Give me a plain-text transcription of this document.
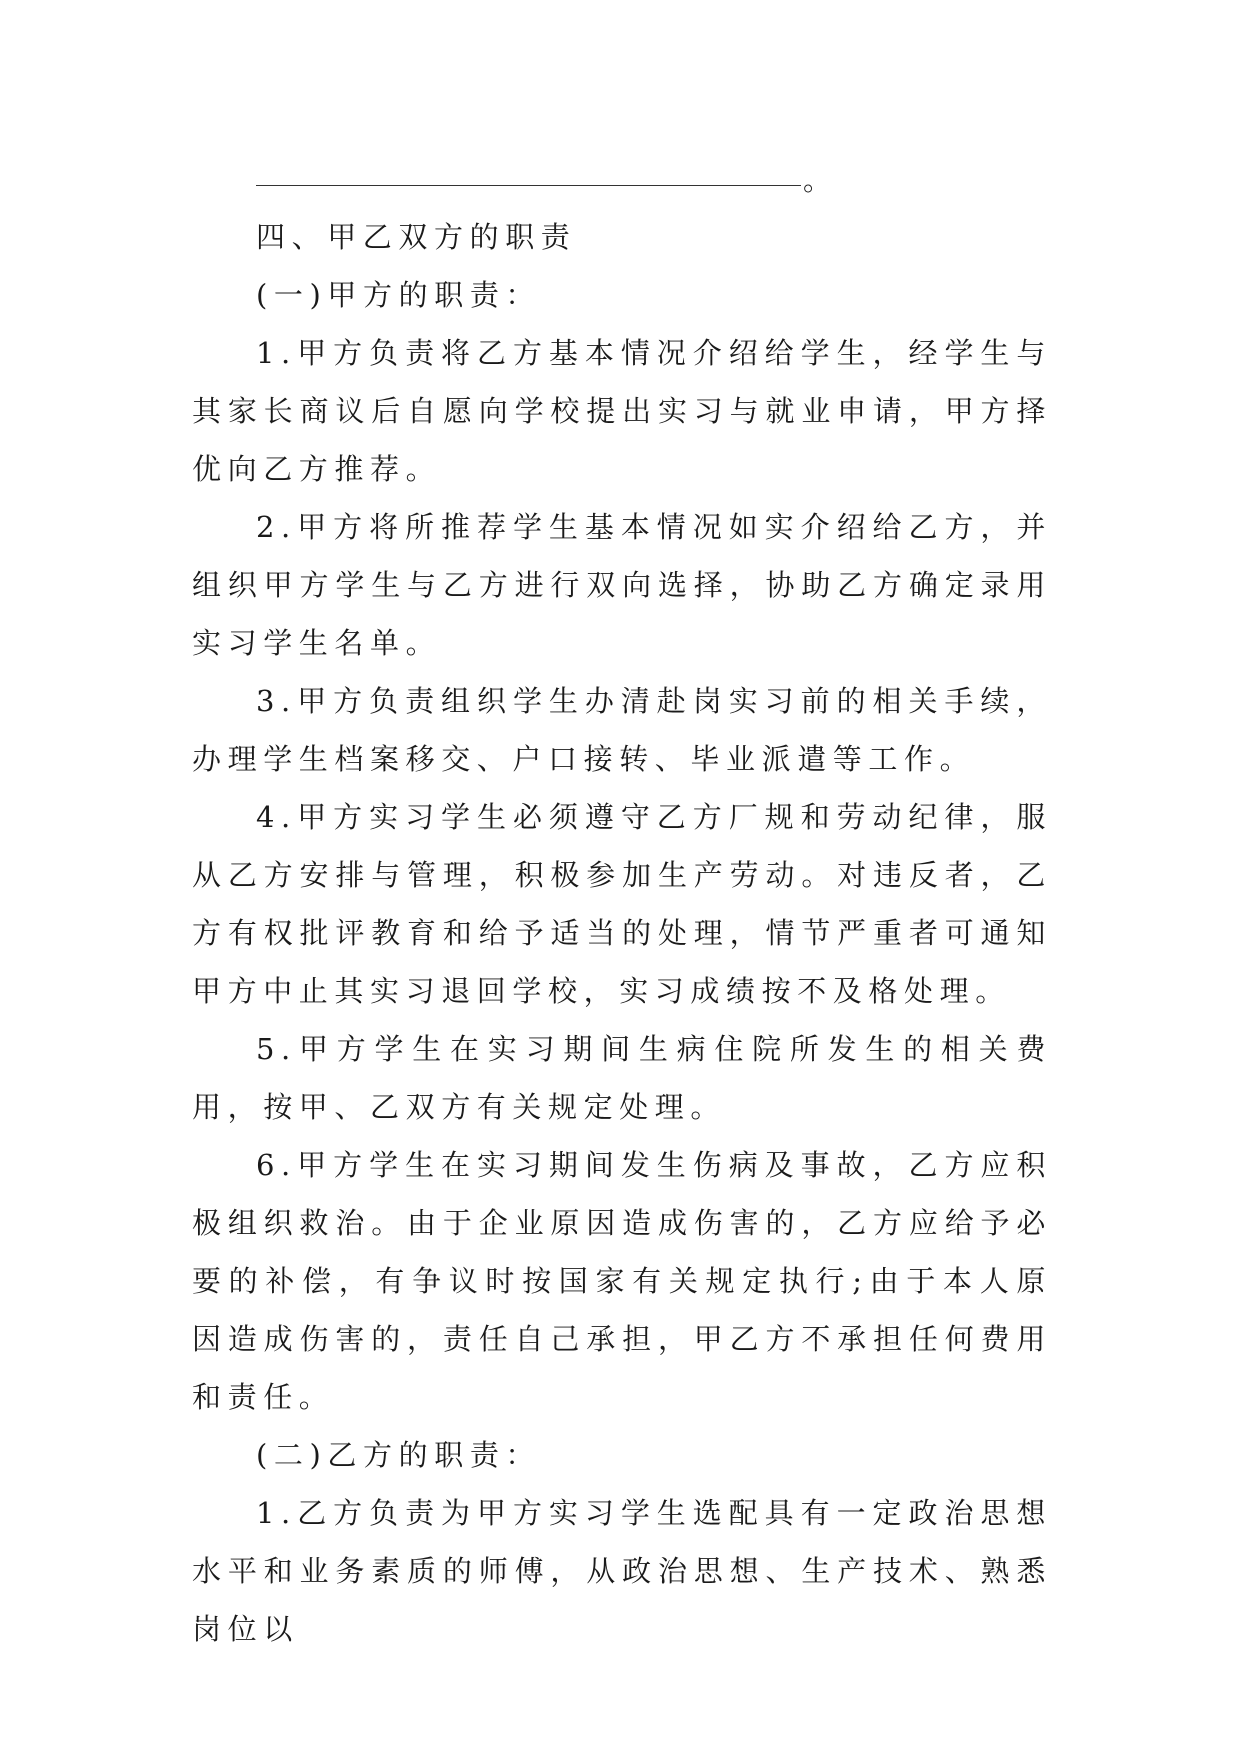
。

四、甲乙双方的职责

(一)甲方的职责：

1.甲方负责将乙方基本情况介绍给学生，经学生与其家长商议后自愿向学校提出实习与就业申请，甲方择优向乙方推荐。

2.甲方将所推荐学生基本情况如实介绍给乙方，并组织甲方学生与乙方进行双向选择，协助乙方确定录用实习学生名单。

3.甲方负责组织学生办清赴岗实习前的相关手续，办理学生档案移交、户口接转、毕业派遣等工作。

4.甲方实习学生必须遵守乙方厂规和劳动纪律，服从乙方安排与管理，积极参加生产劳动。对违反者，乙方有权批评教育和给予适当的处理，情节严重者可通知甲方中止其实习退回学校，实习成绩按不及格处理。

5.甲方学生在实习期间生病住院所发生的相关费用，按甲、乙双方有关规定处理。

6.甲方学生在实习期间发生伤病及事故，乙方应积极组织救治。由于企业原因造成伤害的，乙方应给予必要的补偿，有争议时按国家有关规定执行;由于本人原因造成伤害的，责任自己承担，甲乙方不承担任何费用和责任。

(二)乙方的职责：

1.乙方负责为甲方实习学生选配具有一定政治思想水平和业务素质的师傅，从政治思想、生产技术、熟悉岗位以
